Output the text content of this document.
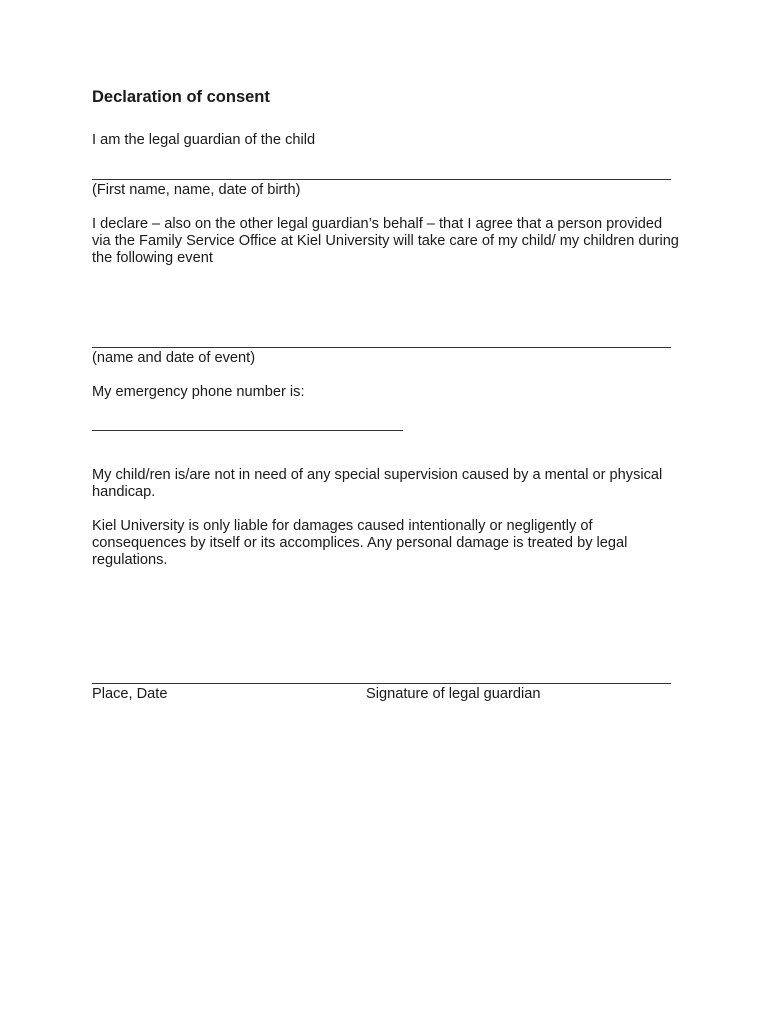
Declaration of consent

I am the legal guardian of the child

(First name, name, date of birth)

I declare – also on the other legal guardian’s behalf – that I agree that a person provided via the Family Service Office at Kiel University will take care of my child/ my children during the following event

(name and date of event)

My emergency phone number is:

My child/ren is/are not in need of any special supervision caused by a mental or physical handicap.

Kiel University is only liable for damages caused intentionally or negligently of consequences by itself or its accomplices. Any personal damage is treated by legal regulations.

Place, Date	Signature of legal guardian
